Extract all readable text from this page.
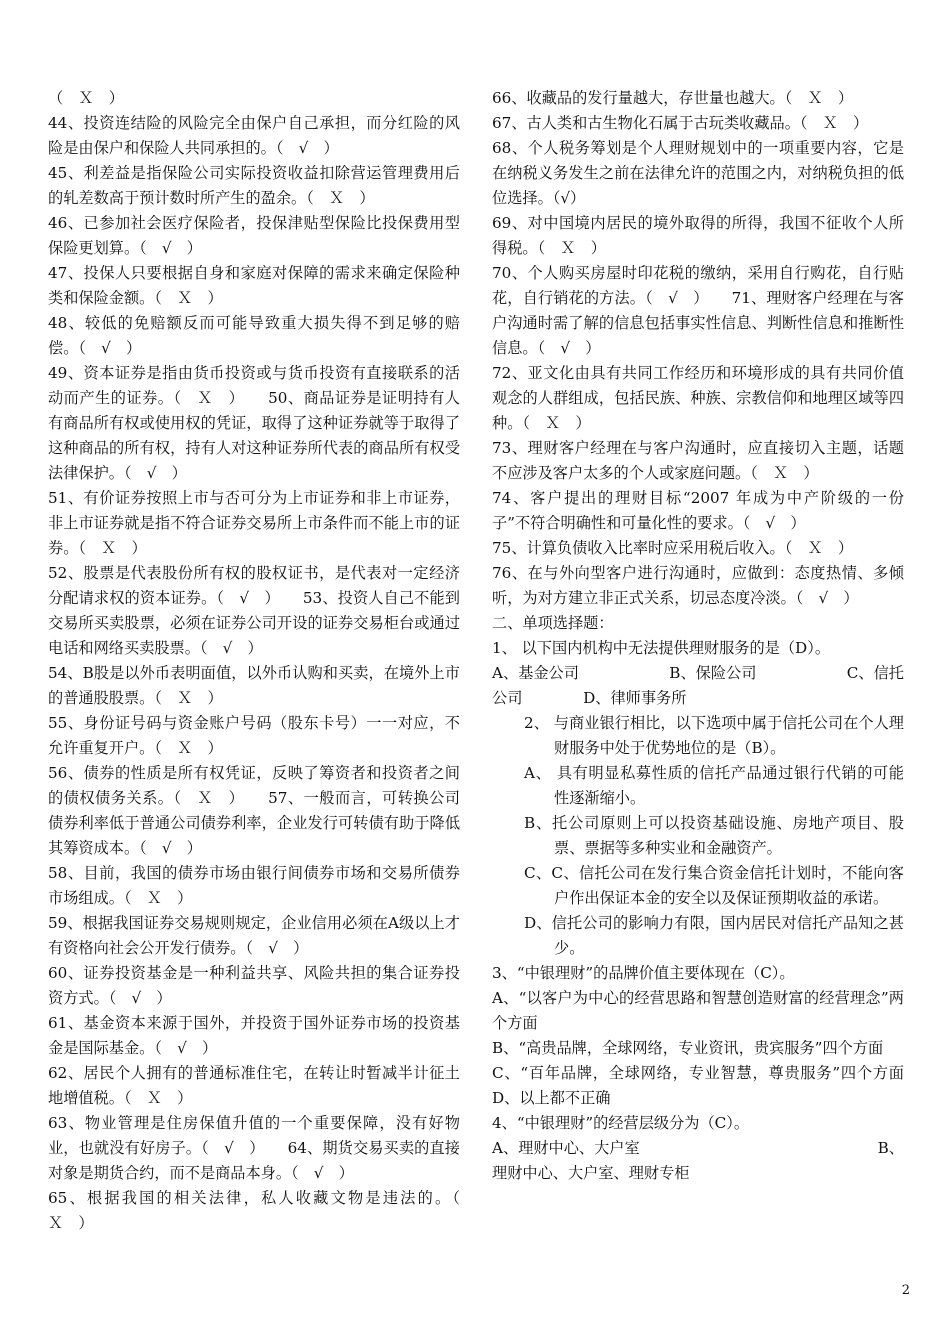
（　Ｘ　）

44、投资连结险的风险完全由保户自己承担，而分红险的风险是由保户和保险人共同承担的。（　√　）

45、利差益是指保险公司实际投资收益扣除营运管理费用后的轧差数高于预计数时所产生的盈余。（　Ｘ　）

46、已参加社会医疗保险者，投保津贴型保险比投保费用型保险更划算。（　√　）

47、投保人只要根据自身和家庭对保障的需求来确定保险种类和保险金额。（　Ｘ　）

48、较低的免赔额反而可能导致重大损失得不到足够的赔偿。（　√　）

49、资本证券是指由货币投资或与货币投资有直接联系的活动而产生的证券。（　Ｘ　）　　50、商品证券是证明持有人有商品所有权或使用权的凭证，取得了这种证券就等于取得了这种商品的所有权，持有人对这种证券所代表的商品所有权受法律保护。（　√　）

51、有价证券按照上市与否可分为上市证券和非上市证券，非上市证券就是指不符合证券交易所上市条件而不能上市的证券。（　Ｘ　）

52、股票是代表股份所有权的股权证书，是代表对一定经济分配请求权的资本证券。（　√　）　　53、投资人自己不能到交易所买卖股票，必须在证券公司开设的证券交易柜台或通过电话和网络买卖股票。（　√　）

54、B股是以外币表明面值，以外币认购和买卖，在境外上市的普通股股票。（　Ｘ　）

55、身份证号码与资金账户号码（股东卡号）一一对应，不允许重复开户。（　Ｘ　）

56、债券的性质是所有权凭证，反映了筹资者和投资者之间的债权债务关系。（　Ｘ　）　　57、一般而言，可转换公司债券利率低于普通公司债券利率，企业发行可转债有助于降低其筹资成本。（　√　）

58、目前，我国的债券市场由银行间债券市场和交易所债券市场组成。（　Ｘ　）

59、根据我国证券交易规则规定，企业信用必须在A级以上才有资格向社会公开发行债券。（　√　）

60、证券投资基金是一种利益共享、风险共担的集合证券投资方式。（　√　）

61、基金资本来源于国外，并投资于国外证券市场的投资基金是国际基金。（　√　）

62、居民个人拥有的普通标准住宅，在转让时暂减半计征土地增值税。（　Ｘ　）

63、物业管理是住房保值升值的一个重要保障，没有好物业，也就没有好房子。（　√　）　　64、期货交易买卖的直接对象是期货合约，而不是商品本身。（　√　）

65、根据我国的相关法律，私人收藏文物是违法的。（　Ｘ　）

66、收藏品的发行量越大，存世量也越大。（　Ｘ　）

67、古人类和古生物化石属于古玩类收藏品。（　Ｘ　）

68、个人税务筹划是个人理财规划中的一项重要内容，它是在纳税义务发生之前在法律允许的范围之内，对纳税负担的低位选择。（√）

69、对中国境内居民的境外取得的所得，我国不征收个人所得税。（　Ｘ　）

70、个人购买房屋时印花税的缴纳，采用自行购花，自行贴花，自行销花的方法。（　√　）　　71、理财客户经理在与客户沟通时需了解的信息包括事实性信息、判断性信息和推断性信息。（　√　）

72、亚文化由具有共同工作经历和环境形成的具有共同价值观念的人群组成，包括民族、种族、宗教信仰和地理区域等四种。（　Ｘ　）

73、理财客户经理在与客户沟通时，应直接切入主题，话题不应涉及客户太多的个人或家庭问题。（　Ｘ　）

74、客户提出的理财目标“2007 年成为中产阶级的一份子”不符合明确性和可量化性的要求。（　√　）

75、计算负债收入比率时应采用税后收入。（　Ｘ　）

76、在与外向型客户进行沟通时，应做到：态度热情、多倾听，为对方建立非正式关系，切忌态度冷淡。（　√　）

二、单项选择题：

1、 以下国内机构中无法提供理财服务的是（D）。

A、基金公司	B、保险公司	C、信托

公司　　　　D、律师事务所

2、 与商业银行相比，以下选项中属于信托公司在个人理财服务中处于优势地位的是（B）。

A、 具有明显私募性质的信托产品通过银行代销的可能性逐渐缩小。

B、托公司原则上可以投资基础设施、房地产项目、股票、票据等多种实业和金融资产。

C、C、信托公司在发行集合资金信托计划时，不能向客户作出保证本金的安全以及保证预期收益的承诺。

D、信托公司的影响力有限，国内居民对信托产品知之甚少。

3、“中银理财”的品牌价值主要体现在（C）。

A、“以客户为中心的经营思路和智慧创造财富的经营理念”两个方面

B、“高贵品牌，全球网络，专业资讯，贵宾服务”四个方面

C、“百年品牌，全球网络，专业智慧，尊贵服务”四个方面　　D、以上都不正确

4、“中银理财”的经营层级分为（C）。

A、理财中心、大户室	B、

理财中心、大户室、理财专柜

2
